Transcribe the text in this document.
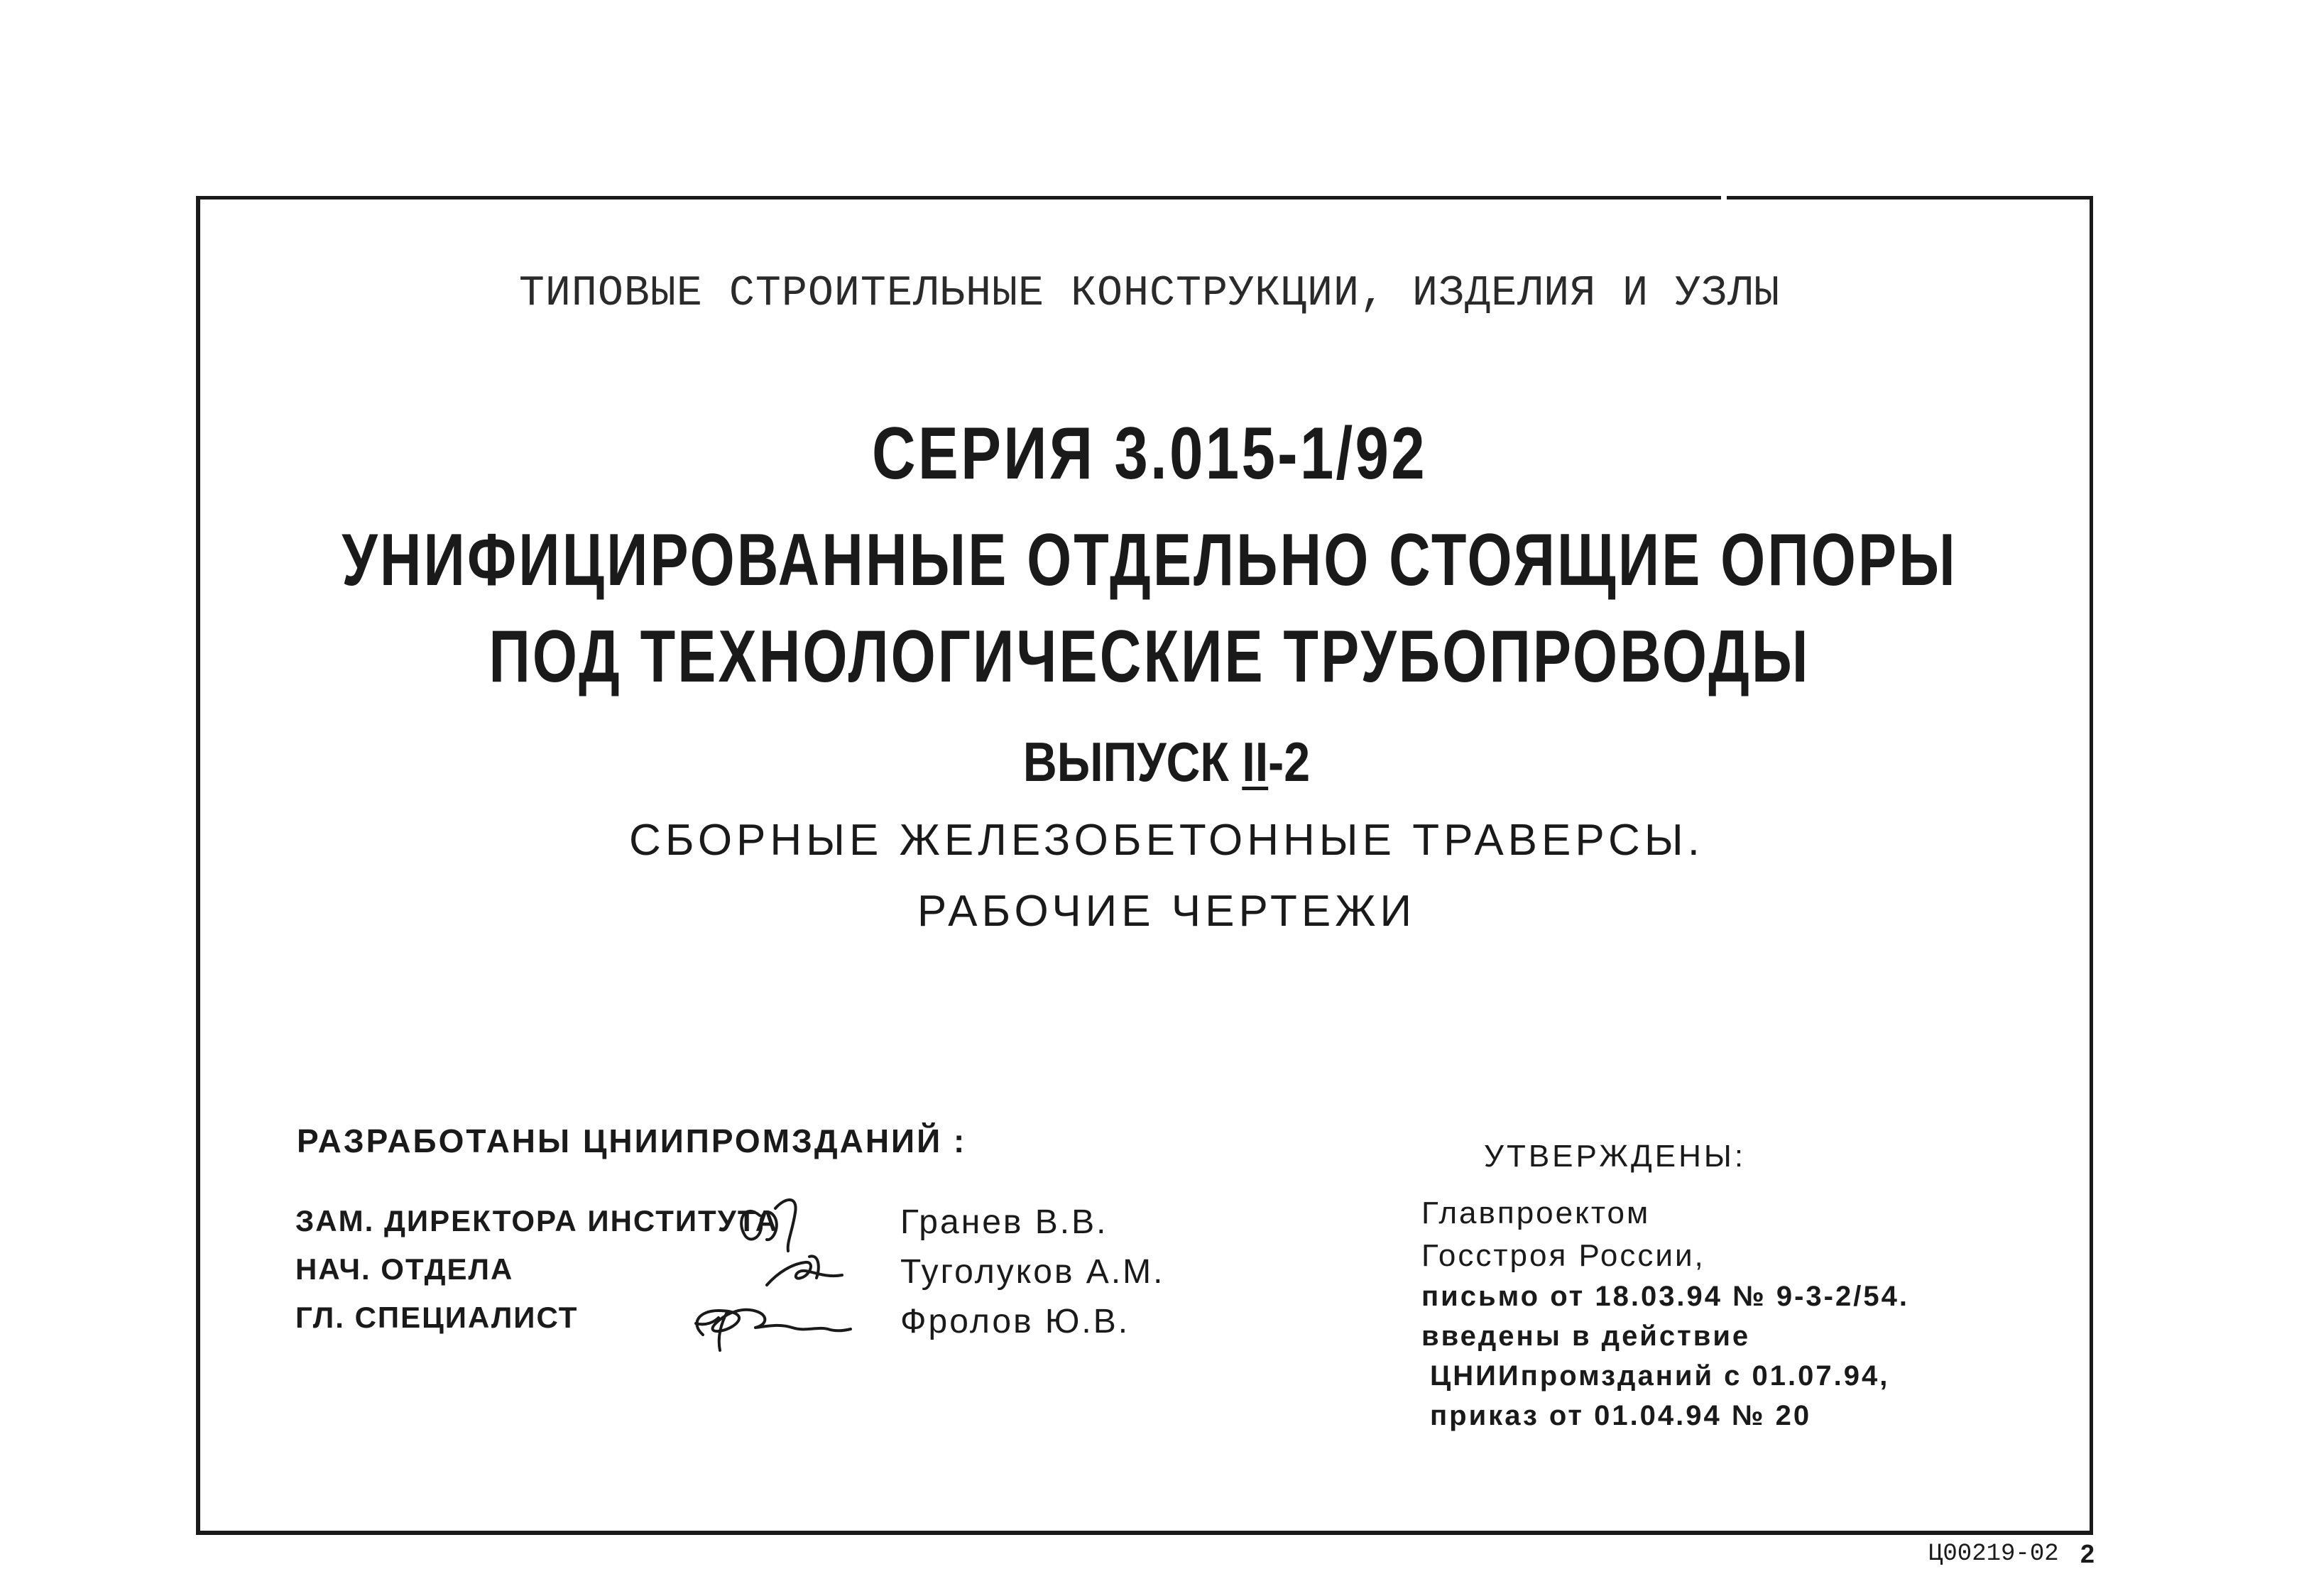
ТИПОВЫЕ СТРОИТЕЛЬНЫЕ КОНСТРУКЦИИ, ИЗДЕЛИЯ И УЗЛЫ

СЕРИЯ 3.015-1/92

УНИФИЦИРОВАННЫЕ ОТДЕЛЬНО СТОЯЩИЕ ОПОРЫ

ПОД ТЕХНОЛОГИЧЕСКИЕ ТРУБОПРОВОДЫ

ВЫПУСК II-2

СБОРНЫЕ ЖЕЛЕЗОБЕТОННЫЕ ТРАВЕРСЫ.

РАБОЧИЕ ЧЕРТЕЖИ

РАЗРАБОТАНЫ ЦНИИПРОМЗДАНИЙ :

ЗАМ. ДИРЕКТОРА ИНСТИТУТА
НАЧ. ОТДЕЛА
ГЛ. СПЕЦИАЛИСТ
Гранев В.В.
Туголуков А.М.
Фролов Ю.В.

УТВЕРЖДЕНЫ:

Главпроектом
Госстроя России,
письмо от 18.03.94 № 9-3-2/54.
введены в действие
ЦНИИпромзданий с 01.07.94,
приказ от 01.04.94 № 20
Ц00219-02 2
